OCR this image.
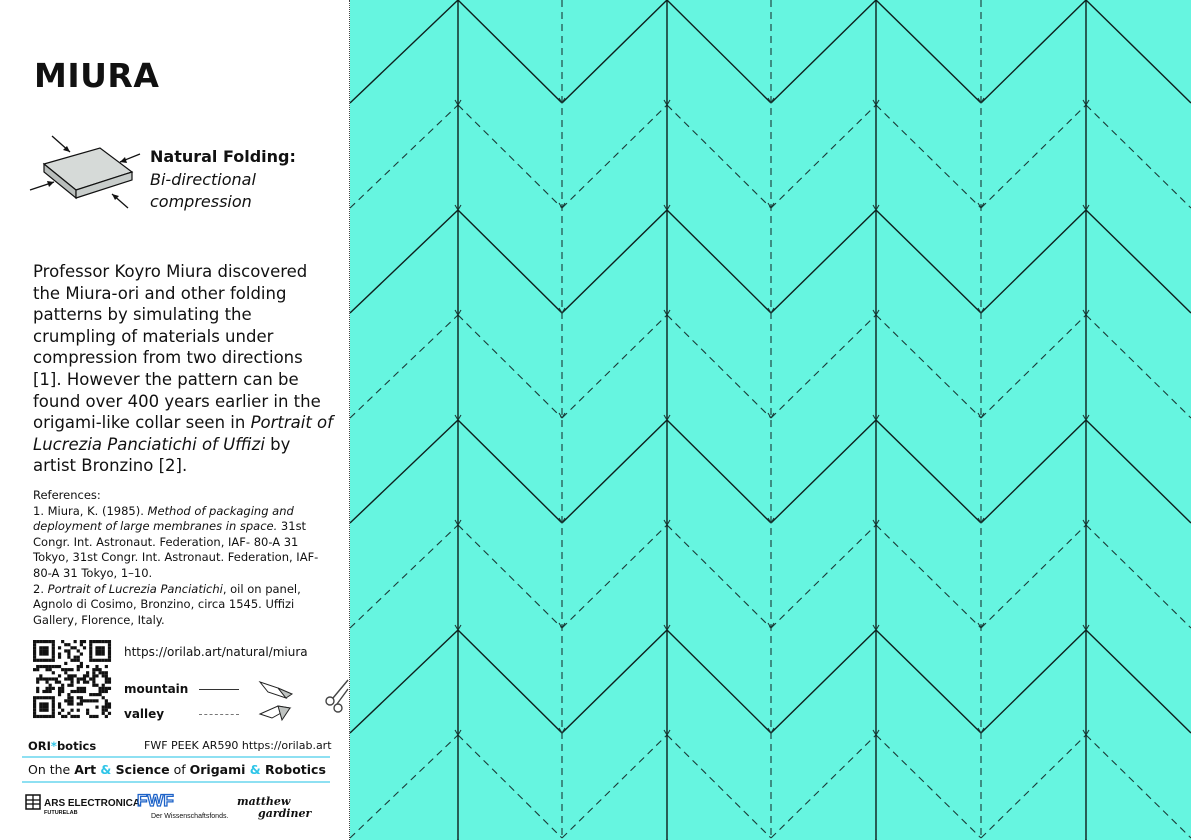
MIURA
Natural Folding:
Bi-directional
compression
Professor Koyro Miura discovered the Miura-ori and other folding patterns by simulating the crumpling of materials under compression from two directions [1]. However the pattern can be found over 400 years earlier in the origami-like collar seen in Portrait of Lucrezia Panciatichi of Uffizi by artist Bronzino [2].
References:
1. Miura, K. (1985). Method of packaging and deployment of large membranes in space. 31st Congr. Int. Astronaut. Federation, IAF- 80-A 31 Tokyo, 31st Congr. Int. Astronaut. Federation, IAF-80-A 31 Tokyo, 1–10.
2. Portrait of Lucrezia Panciatichi, oil on panel, Agnolo di Cosimo, Bronzino, circa 1545. Uffizi Gallery, Florence, Italy.
https://orilab.art/natural/miura
mountain
valley
ORI*botics	FWF PEEK AR590 https://orilab.art
On the Art & Science of Origami & Robotics
ARS ELECTRONICA
FUTURELAB
FWF
Der Wissenschaftsfonds.
matthew
gardiner
